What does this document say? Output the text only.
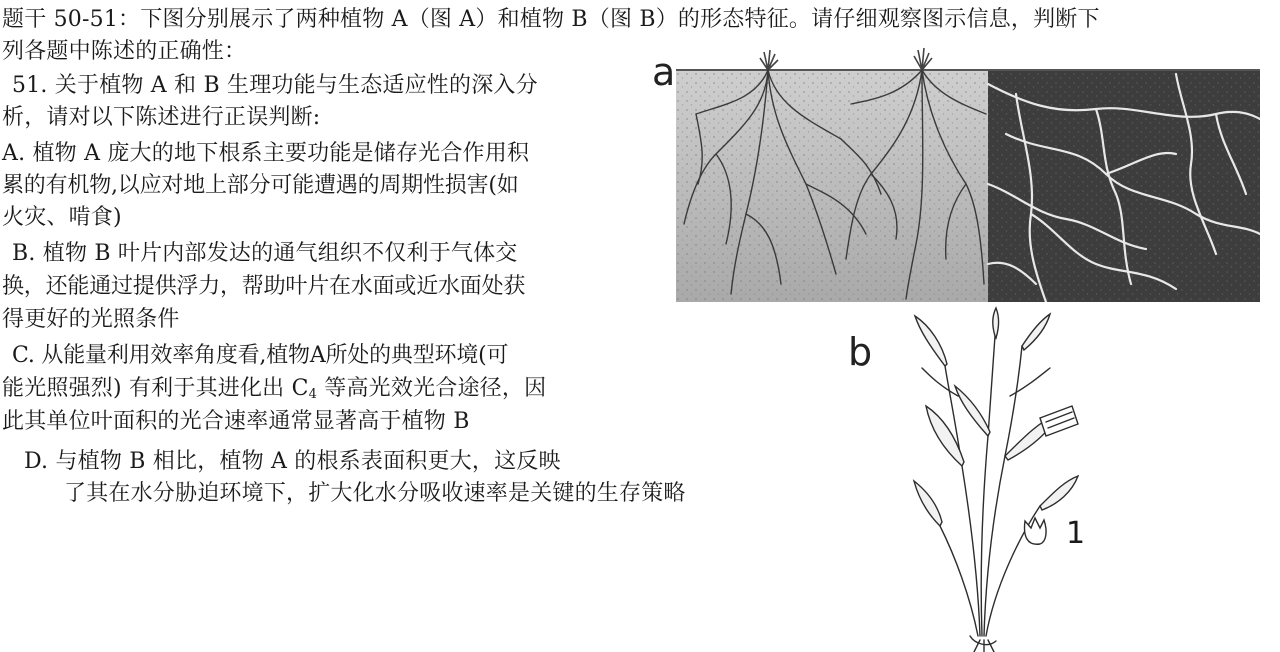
题干 50-51：下图分别展示了两种植物 A（图 A）和植物 B（图 B）的形态特征。请仔细观察图示信息，判断下
列各题中陈述的正确性：
51. 关于植物 A 和 B 生理功能与生态适应性的深入分
析，请对以下陈述进行正误判断:
A. 植物 A 庞大的地下根系主要功能是储存光合作用积
累的有机物,以应对地上部分可能遭遇的周期性损害(如
火灾、啃食)
B. 植物 B 叶片内部发达的通气组织不仅利于气体交
换，还能通过提供浮力，帮助叶片在水面或近水面处获
得更好的光照条件
C. 从能量利用效率角度看,植物A所处的典型环境(可
能光照强烈) 有利于其进化出 $C_4$ 等高光效光合途径，因
此其单位叶面积的光合速率通常显著高于植物 B
D. 与植物 B 相比，植物 A 的根系表面积更大，这反映
了其在水分胁迫环境下，扩大化水分吸收速率是关键的生存策略
a
b
1
